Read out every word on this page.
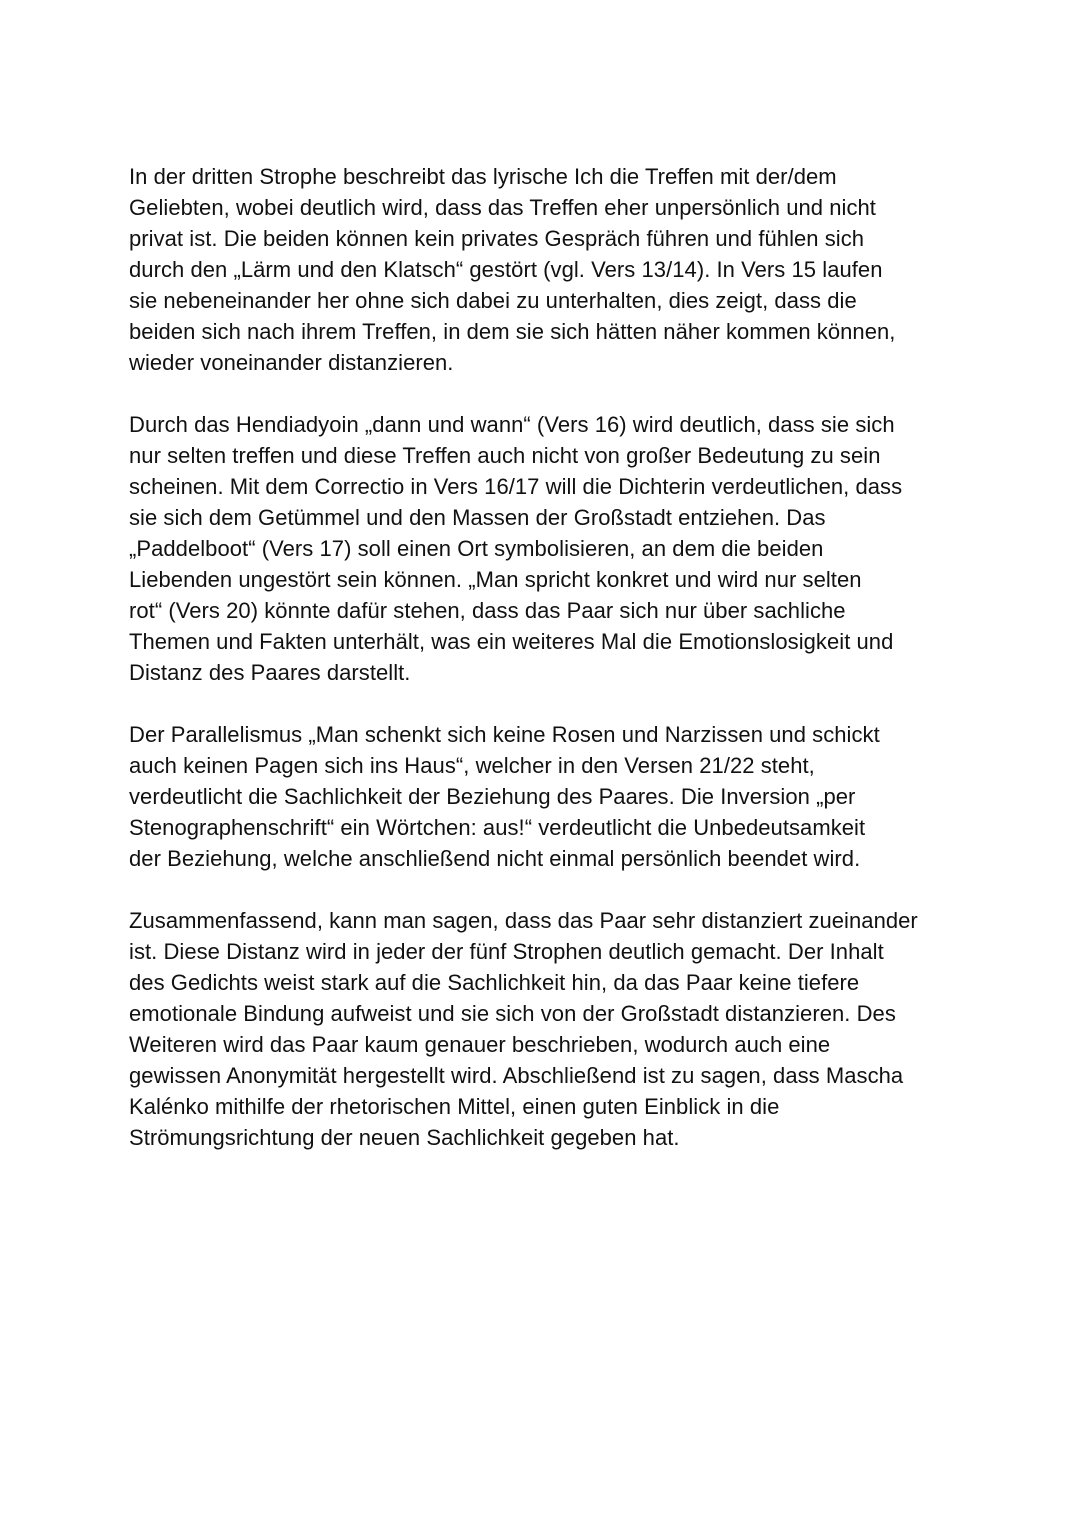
In der dritten Strophe beschreibt das lyrische Ich die Treffen mit der/dem
Geliebten, wobei deutlich wird, dass das Treffen eher unpersönlich und nicht
privat ist. Die beiden können kein privates Gespräch führen und fühlen sich
durch den „Lärm und den Klatsch“ gestört (vgl. Vers 13/14). In Vers 15 laufen
sie nebeneinander her ohne sich dabei zu unterhalten, dies zeigt, dass die
beiden sich nach ihrem Treffen, in dem sie sich hätten näher kommen können,
wieder voneinander distanzieren.

Durch das Hendiadyoin „dann und wann“ (Vers 16) wird deutlich, dass sie sich
nur selten treffen und diese Treffen auch nicht von großer Bedeutung zu sein
scheinen. Mit dem Correctio in Vers 16/17 will die Dichterin verdeutlichen, dass
sie sich dem Getümmel und den Massen der Großstadt entziehen. Das
„Paddelboot“ (Vers 17) soll einen Ort symbolisieren, an dem die beiden
Liebenden ungestört sein können. „Man spricht konkret und wird nur selten
rot“ (Vers 20) könnte dafür stehen, dass das Paar sich nur über sachliche
Themen und Fakten unterhält, was ein weiteres Mal die Emotionslosigkeit und
Distanz des Paares darstellt.

Der Parallelismus „Man schenkt sich keine Rosen und Narzissen und schickt
auch keinen Pagen sich ins Haus“, welcher in den Versen 21/22 steht,
verdeutlicht die Sachlichkeit der Beziehung des Paares. Die Inversion „per
Stenographenschrift“ ein Wörtchen: aus!“ verdeutlicht die Unbedeutsamkeit
der Beziehung, welche anschließend nicht einmal persönlich beendet wird.

Zusammenfassend, kann man sagen, dass das Paar sehr distanziert zueinander
ist. Diese Distanz wird in jeder der fünf Strophen deutlich gemacht. Der Inhalt
des Gedichts weist stark auf die Sachlichkeit hin, da das Paar keine tiefere
emotionale Bindung aufweist und sie sich von der Großstadt distanzieren. Des
Weiteren wird das Paar kaum genauer beschrieben, wodurch auch eine
gewissen Anonymität hergestellt wird. Abschließend ist zu sagen, dass Mascha
Kalénko mithilfe der rhetorischen Mittel, einen guten Einblick in die
Strömungsrichtung der neuen Sachlichkeit gegeben hat.
